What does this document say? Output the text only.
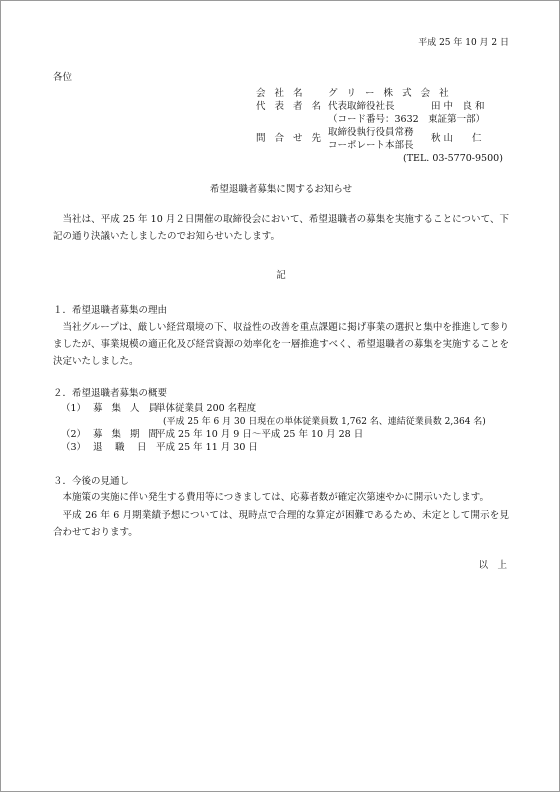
平成 25 年 10 月 2 日
各位
会 社 名 グ リ ー 株 式 会 社
代 表 者 名 代表取締役社長	田 中　良 和
（コード番号：3632　東証第一部）
問 合 せ 先
取締役執行役員常務
コーポレート本部長
秋 山　　仁
(TEL. 03-5770-9500)
希望退職者募集に関するお知らせ
当社は、平成 25 年 10 月２日開催の取締役会において、希望退職者の募集を実施することについて、下記の通り決議いたしましたのでお知らせいたします。
記
１．希望退職者募集の理由
当社グループは、厳しい経営環境の下、収益性の改善を重点課題に掲げ事業の選択と集中を推進して参りましたが、事業規模の適正化及び経営資源の効率化を一層推進すべく、希望退職者の募集を実施することを決定いたしました。
２．希望退職者募集の概要
（1） 募 集 人 員
単体従業員 200 名程度
(平成 25 年 6 月 30 日現在の単体従業員数 1,762 名、連結従業員数 2,364 名)
（2） 募 集 期 間
平成 25 年 10 月 9 日～平成 25 年 10 月 28 日
（3） 退　 職　 日 平成 25 年 11 月 30 日
３．今後の見通し
本施策の実施に伴い発生する費用等につきましては、応募者数が確定次第速やかに開示いたします。
平成 26 年 6 月期業績予想については、現時点で合理的な算定が困難であるため、未定として開示を見合わせております。
以　上
